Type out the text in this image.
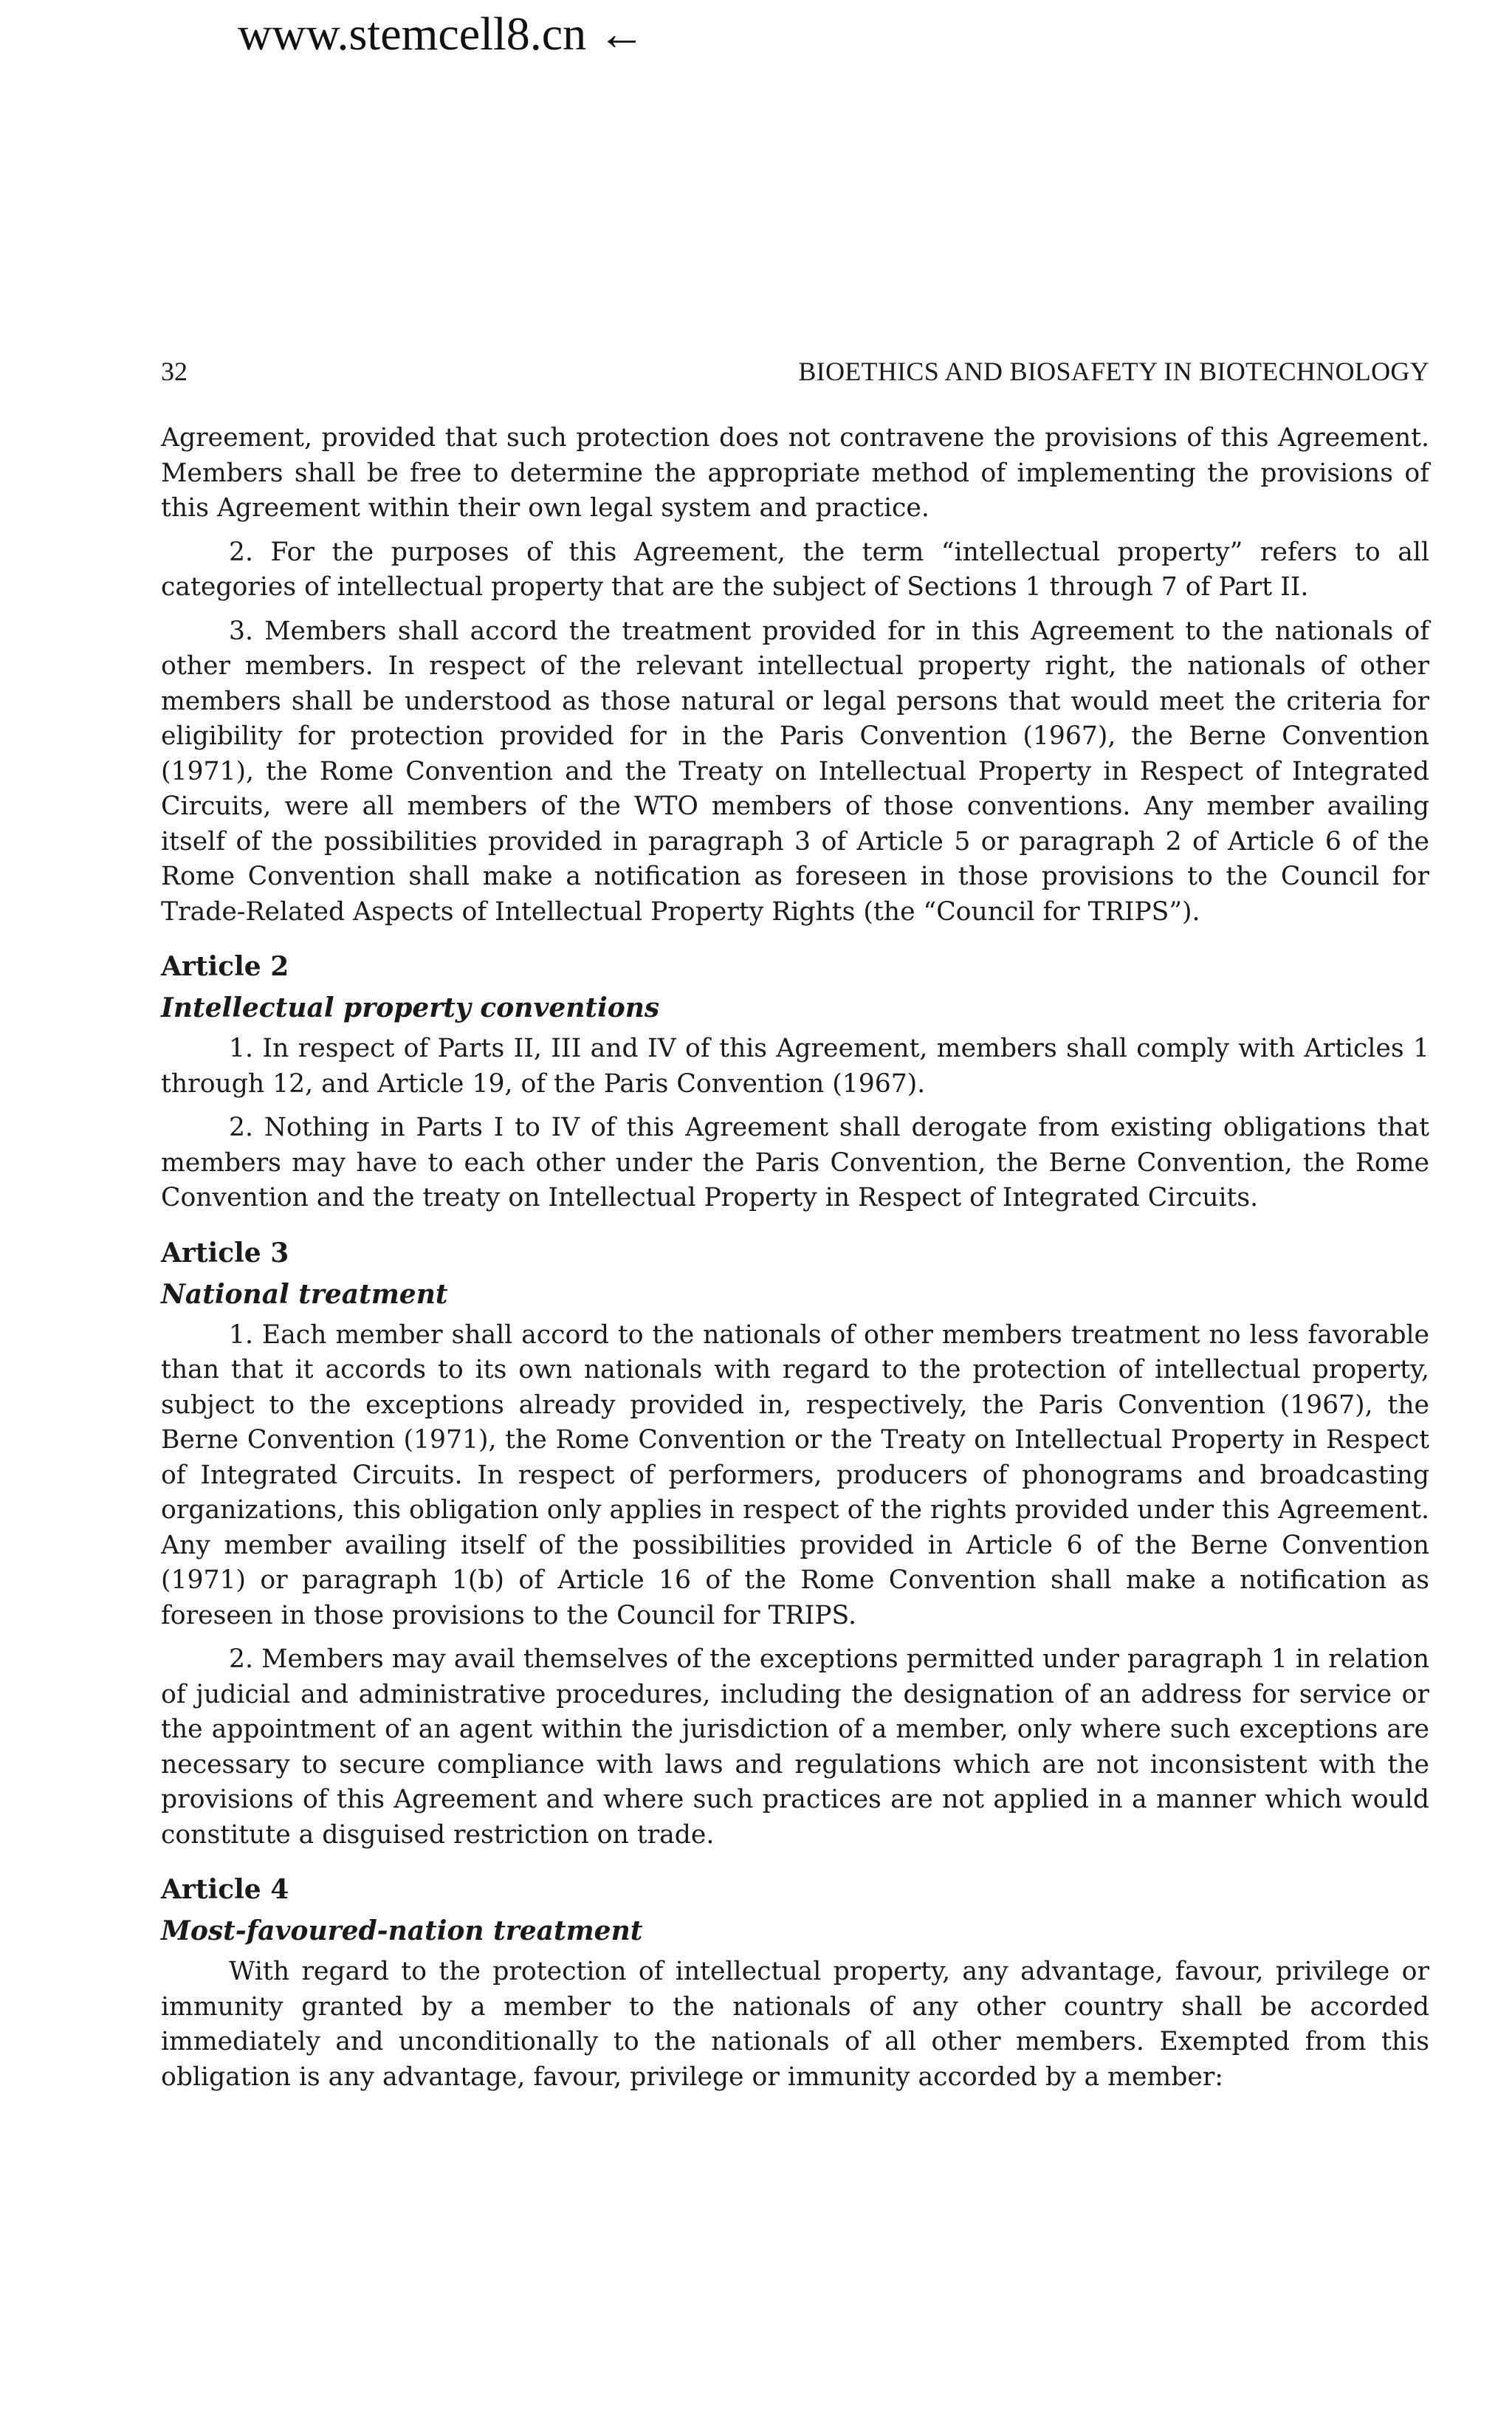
www.stemcell8.cn ←
32	BIOETHICS AND BIOSAFETY IN BIOTECHNOLOGY

Agreement, provided that such protection does not contravene the provisions of this Agreement. Members shall be free to determine the appropriate method of implementing the provisions of this Agreement within their own legal system and practice.

2. For the purposes of this Agreement, the term “intellectual property” refers to all categories of intellectual property that are the subject of Sections 1 through 7 of Part II.

3. Members shall accord the treatment provided for in this Agreement to the nationals of other members. In respect of the relevant intellectual property right, the nationals of other members shall be understood as those natural or legal persons that would meet the criteria for eligibility for protection provided for in the Paris Convention (1967), the Berne Convention (1971), the Rome Convention and the Treaty on Intellectual Property in Respect of Integrated Circuits, were all members of the WTO members of those conventions. Any member availing itself of the possibilities provided in paragraph 3 of Article 5 or paragraph 2 of Article 6 of the Rome Convention shall make a notification as foreseen in those provisions to the Council for Trade-Related Aspects of Intellectual Property Rights (the “Council for TRIPS”).

Article 2
Intellectual property conventions

1. In respect of Parts II, III and IV of this Agreement, members shall comply with Articles 1 through 12, and Article 19, of the Paris Convention (1967).

2. Nothing in Parts I to IV of this Agreement shall derogate from existing obligations that members may have to each other under the Paris Convention, the Berne Convention, the Rome Convention and the treaty on Intellectual Property in Respect of Integrated Circuits.

Article 3
National treatment

1. Each member shall accord to the nationals of other members treatment no less favorable than that it accords to its own nationals with regard to the protection of intellectual property, subject to the exceptions already provided in, respectively, the Paris Convention (1967), the Berne Convention (1971), the Rome Convention or the Treaty on Intellectual Property in Respect of Integrated Circuits. In respect of performers, producers of phonograms and broadcasting organizations, this obligation only applies in respect of the rights provided under this Agreement. Any member availing itself of the possibilities provided in Article 6 of the Berne Convention (1971) or paragraph 1(b) of Article 16 of the Rome Convention shall make a notification as foreseen in those provisions to the Council for TRIPS.

2. Members may avail themselves of the exceptions permitted under paragraph 1 in relation of judicial and administrative procedures, including the designation of an address for service or the appointment of an agent within the jurisdiction of a member, only where such exceptions are necessary to secure compliance with laws and regulations which are not inconsistent with the provisions of this Agreement and where such practices are not applied in a manner which would constitute a disguised restriction on trade.

Article 4
Most-favoured-nation treatment

With regard to the protection of intellectual property, any advantage, favour, privilege or immunity granted by a member to the nationals of any other country shall be accorded immediately and unconditionally to the nationals of all other members. Exempted from this obligation is any advantage, favour, privilege or immunity accorded by a member:
